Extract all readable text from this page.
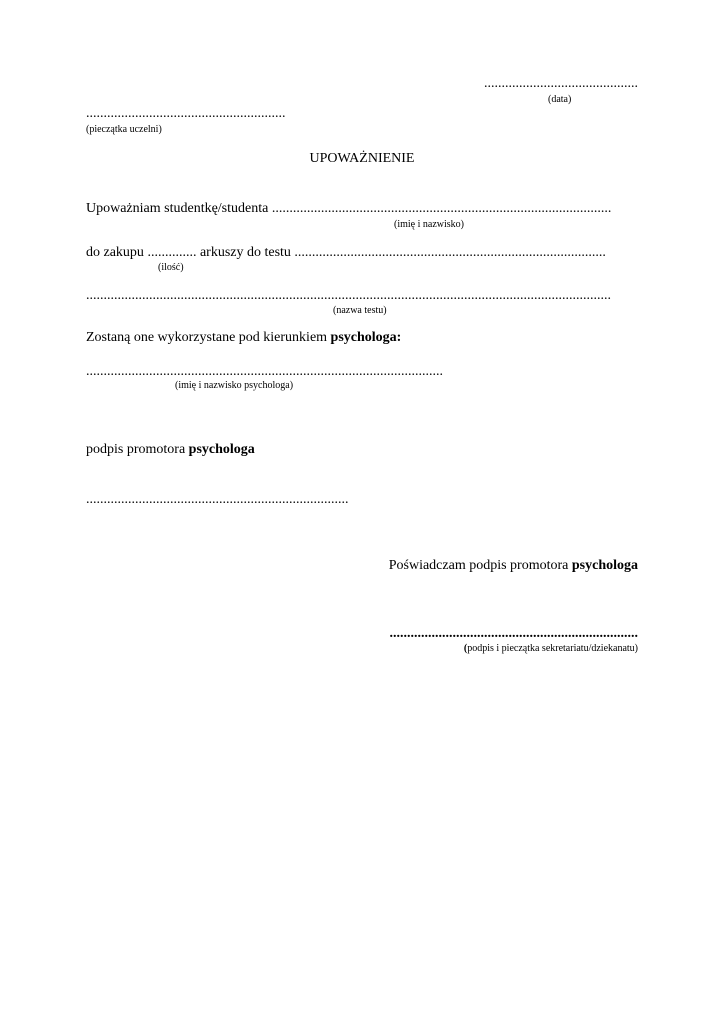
............................................
(data)
.........................................................
(pieczątka uczelni)
UPOWAŻNIENIE
Upoważniam studentkę/studenta
.................................................................................................
(imię i nazwisko)
do zakupu
..............
arkuszy do testu
.........................................................................................
(ilość)
......................................................................................................................................................
(nazwa testu)
Zostaną one wykorzystane pod kierunkiem psychologa:
......................................................................................................
(imię i nazwisko psychologa)
podpis promotora psychologa
...........................................................................
Poświadczam podpis promotora psychologa
.......................................................................
(podpis i pieczątka sekretariatu/dziekanatu)
